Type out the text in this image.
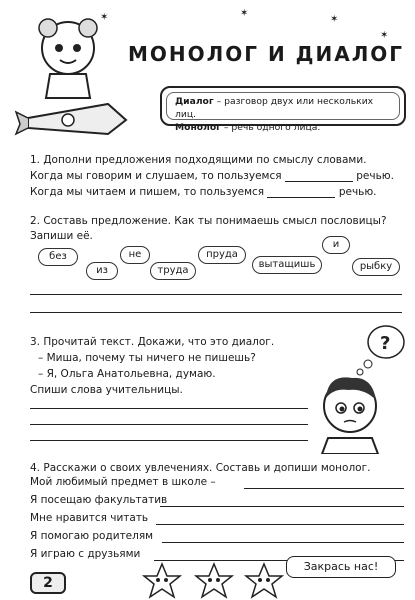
✶	✶
✶
✶
МОНОЛОГ И ДИАЛОГ
Диалог – разговор двух или нескольких лиц.
Монолог – речь одного лица.
1. Дополни предложения подходящими по смыслу словами.
Когда мы говорим и слушаем, то пользуемся	речью.
Когда мы читаем и пишем, то пользуемся	речью.
2. Составь предложение. Как ты понимаешь смысл пословицы?
Запиши её.
без
из
не
труда
пруда
вытащишь
и
рыбку
3. Прочитай текст. Докажи, что это диалог.
– Миша, почему ты ничего не пишешь?
– Я, Ольга Анатольевна, думаю.
Спиши слова учительницы.
?
4. Расскажи о своих увлечениях. Составь и допиши монолог.
Мой любимый предмет в школе –
Я посещаю факультатив
Мне нравится читать
Я помогаю родителям
Я играю с друзьями
2
Закрась нас!
